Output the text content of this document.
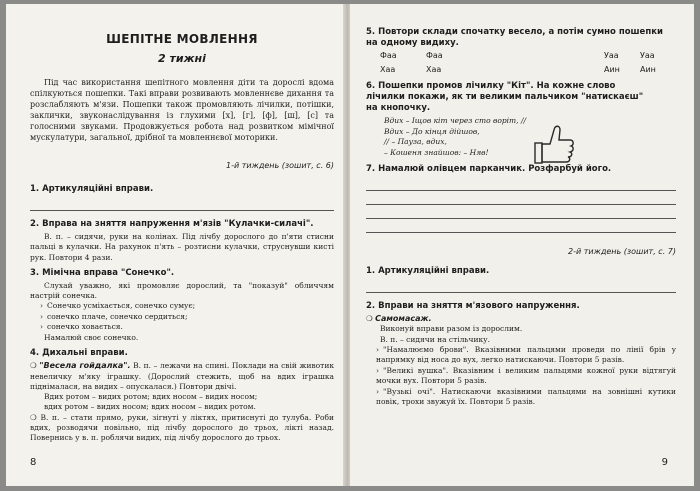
ШЕПІТНЕ МОВЛЕННЯ
2 тижні

Під час використання шепітного мовлення діти та дорослі вдома спілкуються пошепки. Такі вправи розвивають мовленнєве дихання та розслабляють м'язи. Пошепки також промовляють лічилки, потішки, заклички, звуконаслідування із глухими [х], [г], [ф], [ш], [с] та голосними звуками. Продовжується робота над розвитком мімічної мускулатури, загальної, дрібної та мовленнєвої моторики.

1-й тиждень (зошит, с. 6)
1. Артикуляційні вправи.
2. Вправа на зняття напруження м'язів "Кулачки-силачі".
В. п. – сидячи, руки на колінах. Під лічбу дорослого до п'яти стисни пальці в кулачки. На рахунок п'ять – розтисни кулачки, струснувши кисті рук. Повтори 4 рази.
3. Мімічна вправа "Сонечко".
Слухай уважно, які промовляє дорослий, та "показуй" обличчям настрій сонечка.
› Сонечко усміхається, сонечко сумує;
› сонечко плаче, сонечко сердиться;
› сонечко ховається.
Намалюй своє сонечко.
4. Дихальні вправи.
❍ "Весела гойдалка". В. п. – лежачи на спині. Поклади на свій животик невеличку м'яку іграшку. (Дорослий стежить, щоб на вдих іграшка піднімалася, на видих – опускалася.) Повтори двічі.
Вдих ротом – видих ротом; вдих носом – видих носом;
вдих ротом – видих носом; вдих носом – видих ротом.
❍ В. п. – стати прямо, руки, зігнуті у ліктях, притиснуті до тулуба. Роби вдих, розводячи повільно, під лічбу дорослого до трьох, лікті назад. Повернись у в. п. роблячи видих, під лічбу дорослого до трьох.
8
5. Повтори склади спочатку весело, а потім сумно пошепки на одному видиху.
Фаа	Фаа	Уаа	Уаа
Хаа	Хаа	Аин	Аин
6. Пошепки промов лічилку "Кіт". На кожне слово лічилки покажи, як ти великим пальчиком "натискаєш" на кнопочку.
Вдих – Іщов кіт через сто воріт, //
Вдих – До кінця дійшов,
// – Пауза, вдих,
– Кошеня знайшов: – Няв!
7. Намалюй олівцем парканчик. Розфарбуй його.
2-й тиждень (зошит, с. 7)
1. Артикуляційні вправи.
2. Вправи на зняття м'язового напруження.
❍ Самомасаж.
Виконуй вправи разом із дорослим.
В. п. – сидячи на стільчику.
› "Намалюємо брови". Вказівними пальцями проведи по лінії брів у напрямку від носа до вух, легко натискаючи. Повтори 5 разів.
› "Великі вушка". Вказівним і великим пальцями кожної руки відтягуй мочки вух. Повтори 5 разів.
› "Вузькі очі". Натискаючи вказівними пальцями на зовнішні кутики повік, трохи звужуй їх. Повтори 5 разів.
9
